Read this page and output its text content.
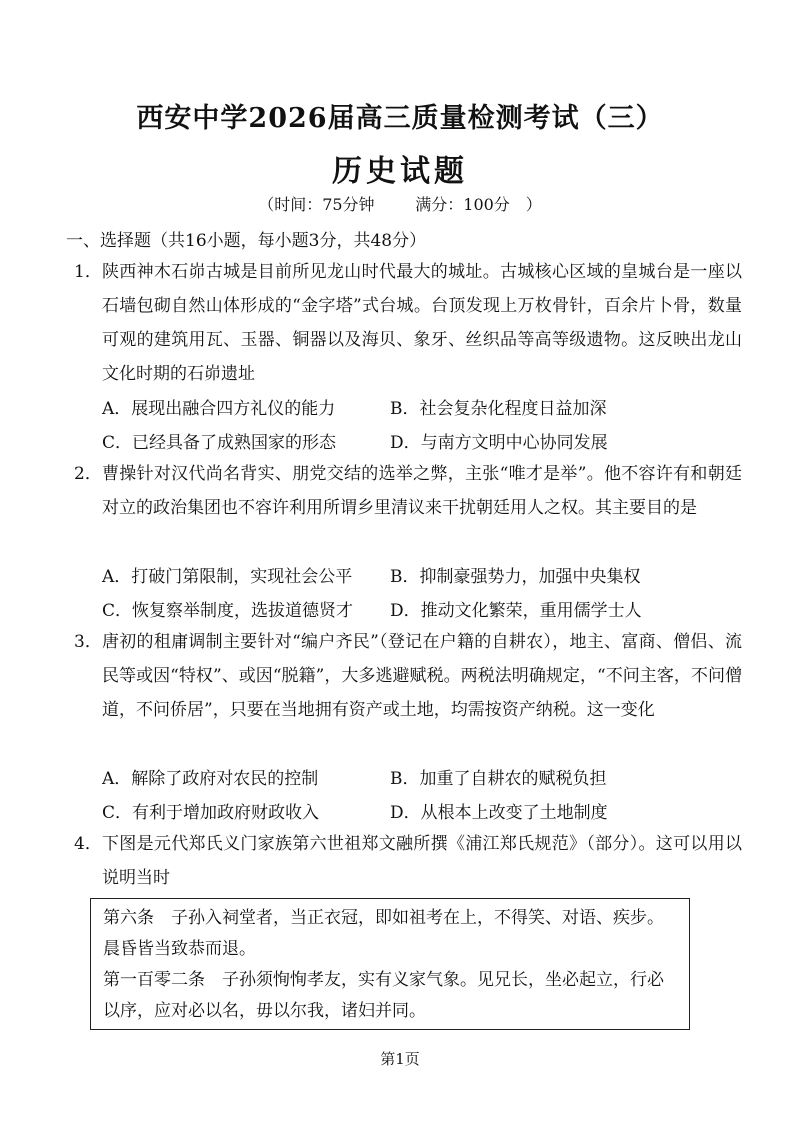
西安中学2026届高三质量检测考试（三）
历史试题
（时间：75分钟	满分：100分　）
一、选择题（共16小题，每小题3分，共48分）
1． 陕西神木石峁古城是目前所见龙山时代最大的城址。古城核心区域的皇城台是一座以石墙包砌自然山体形成的“金字塔”式台城。台顶发现上万枚骨针，百余片卜骨，数量可观的建筑用瓦、玉器、铜器以及海贝、象牙、丝织品等高等级遗物。这反映出龙山文化时期的石峁遗址
A．展现出融合四方礼仪的能力	B．社会复杂化程度日益加深
C．已经具备了成熟国家的形态	D．与南方文明中心协同发展
2． 曹操针对汉代尚名背实、朋党交结的选举之弊，主张“唯才是举”。他不容许有和朝廷对立的政治集团也不容许利用所谓乡里清议来干扰朝廷用人之权。其主要目的是
A．打破门第限制，实现社会公平 B．抑制豪强势力，加强中央集权
C．恢复察举制度，选拔道德贤才 D．推动文化繁荣，重用儒学士人
3． 唐初的租庸调制主要针对“编户齐民”（登记在户籍的自耕农），地主、富商、僧侣、流民等或因“特权”、或因“脱籍”，大多逃避赋税。两税法明确规定，“不问主客，不问僧道，不问侨居”，只要在当地拥有资产或土地，均需按资产纳税。这一变化
A．解除了政府对农民的控制	B．加重了自耕农的赋税负担
C．有利于增加政府财政收入	D．从根本上改变了土地制度
4． 下图是元代郑氏义门家族第六世祖郑文融所撰《浦江郑氏规范》（部分）。这可以用以说明当时

第六条　子孙入祠堂者，当正衣冠，即如祖考在上，不得笑、对语、疾步。晨昏皆当致恭而退。

第一百零二条　子孙须恂恂孝友，实有义家气象。见兄长，坐必起立，行必以序，应对必以名，毋以尔我，诸妇并同。

第1页
